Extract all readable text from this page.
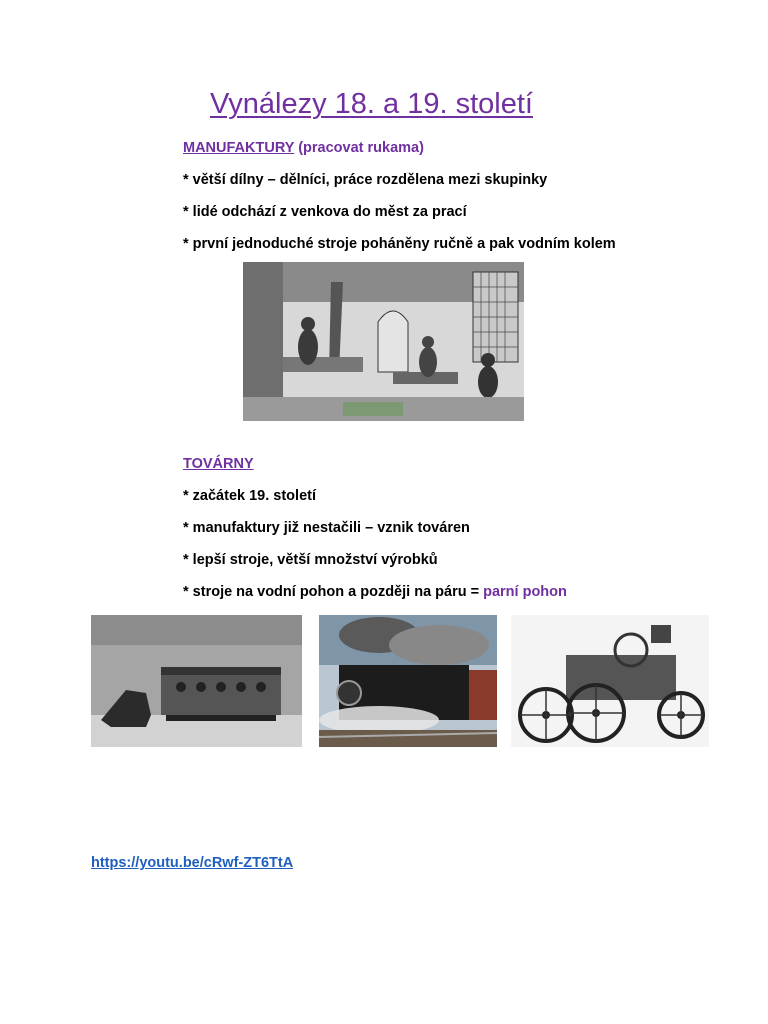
Vynálezy 18. a 19. století
MANUFAKTURY (pracovat rukama)
* větší dílny – dělníci, práce rozdělena mezi skupinky
* lidé odchází z venkova do měst za prací
* první jednoduché stroje poháněny ručně a pak vodním kolem
TOVÁRNY
* začátek 19. století
* manufaktury již nestačili – vznik továren
* lepší stroje, větší množství výrobků
* stroje na vodní pohon a později na páru = parní pohon
https://youtu.be/cRwf-ZT6TtA
